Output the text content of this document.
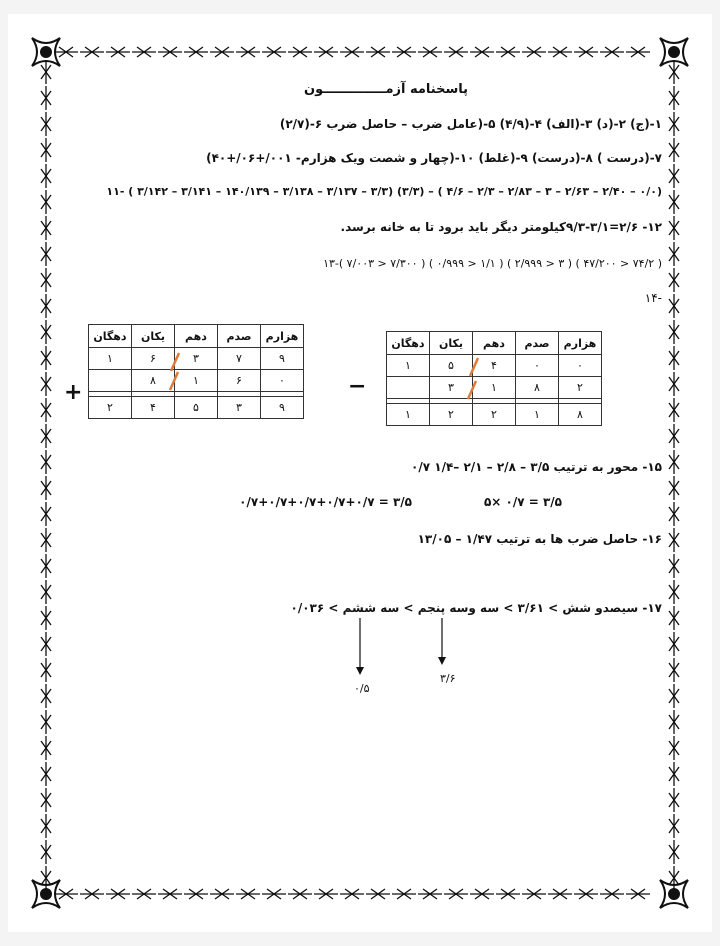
پاسخنامه آزمــــــــــــــون
۱-(ج) ۲-(د) ۳-(الف) ۴-(۴/۹) ۵-(عامل ضرب – حاصل ضرب ۶-(۲/۷)
۷-(درست ) ۸-(درست) ۹-(غلط) ۱۰-(چهار و شصت ویک هزارم- ۰۰۱/+۰۶/+۴۰)
۱۱- ( ۳/۱۴۲ – ۳/۱۴۱ – ۱۴۰/۱۳۹ – ۳/۱۳۸ – ۳/۱۳۷ – ۳/۳) (۳/۳) – ( ۴/۶ – ۲/۳ – ۲/۸۳ – ۳ – ۲/۶۳ – ۲/۴۰ – ۰/۰)
۱۲- ۲/۶=۹/۳-۳/۱کیلومتر دیگر باید برود تا به خانه برسد.
۱۳-( ۷/۰۰۳ > ۷/۳۰۰ ) ( ۰/۹۹۹ > ۱/۱ ) ( ۲/۹۹۹ > ۳ ) ( ۴۷/۲۰۰ > ۷۴/۲ )
۱۴-
هزارم	صدم	دهم	یکان	دهگان
۰	۰	۴	۵	۱
۲	۸	۱	۳	

۸	۱	۲	۲	۱
−
هزارم	صدم	دهم	یکان	دهگان
۹	۷	۳	۶	۱
۰	۶	۱	۸	

۹	۳	۵	۴	۲
+
۱۵- محور به ترتیب ۳/۵ – ۲/۸ – ۲/۱ –۱/۴ ۰/۷
۵× ۰/۷ = ۳/۵
۰/۷+۰/۷+۰/۷+۰/۷+۰/۷ = ۳/۵
۱۶- حاصل ضرب ها به ترتیب ۱/۴۷ – ۱۳/۰۵
۱۷- سیصدو شش > ۳/۶۱ > سه وسه پنجم > سه ششم > ۰/۰۳۶
۳/۶
۰/۵
